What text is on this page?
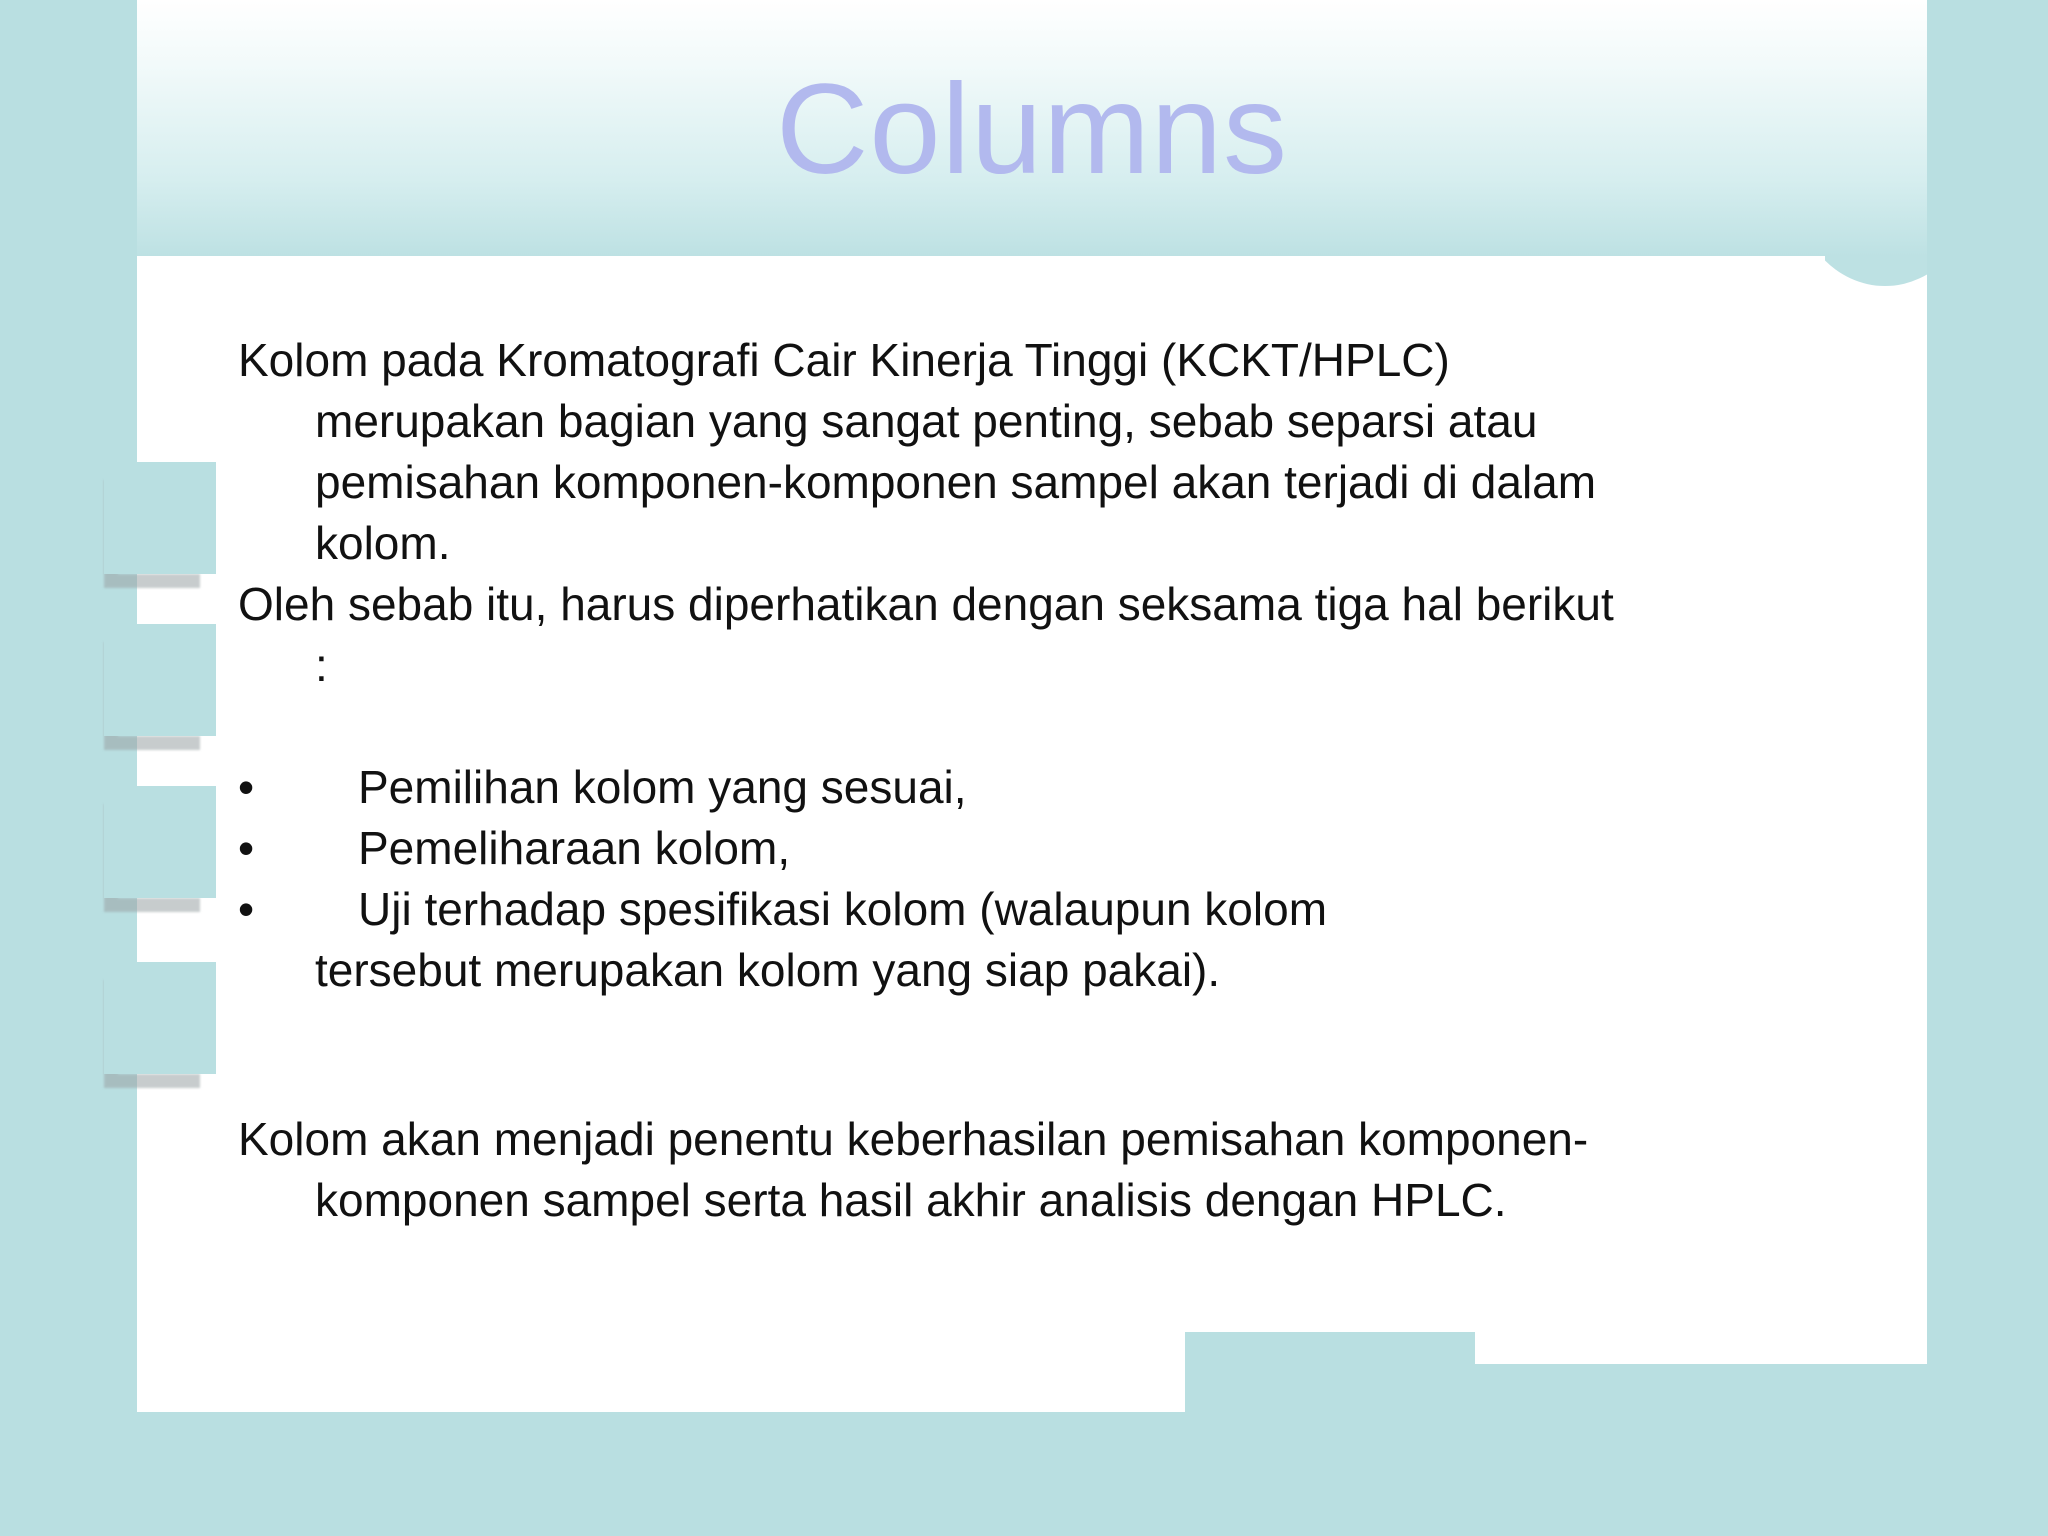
Columns

Kolom pada Kromatografi Cair Kinerja Tinggi (KCKT/HPLC) merupakan bagian yang sangat penting, sebab separsi atau pemisahan komponen-komponen sampel akan terjadi di dalam kolom.

Oleh sebab itu, harus diperhatikan dengan seksama tiga hal berikut :

• Pemilihan kolom yang sesuai,
• Pemeliharaan kolom,
• Uji terhadap spesifikasi kolom (walaupun kolom
tersebut merupakan kolom yang siap pakai).

Kolom akan menjadi penentu keberhasilan pemisahan komponen-komponen sampel serta hasil akhir analisis dengan HPLC.
